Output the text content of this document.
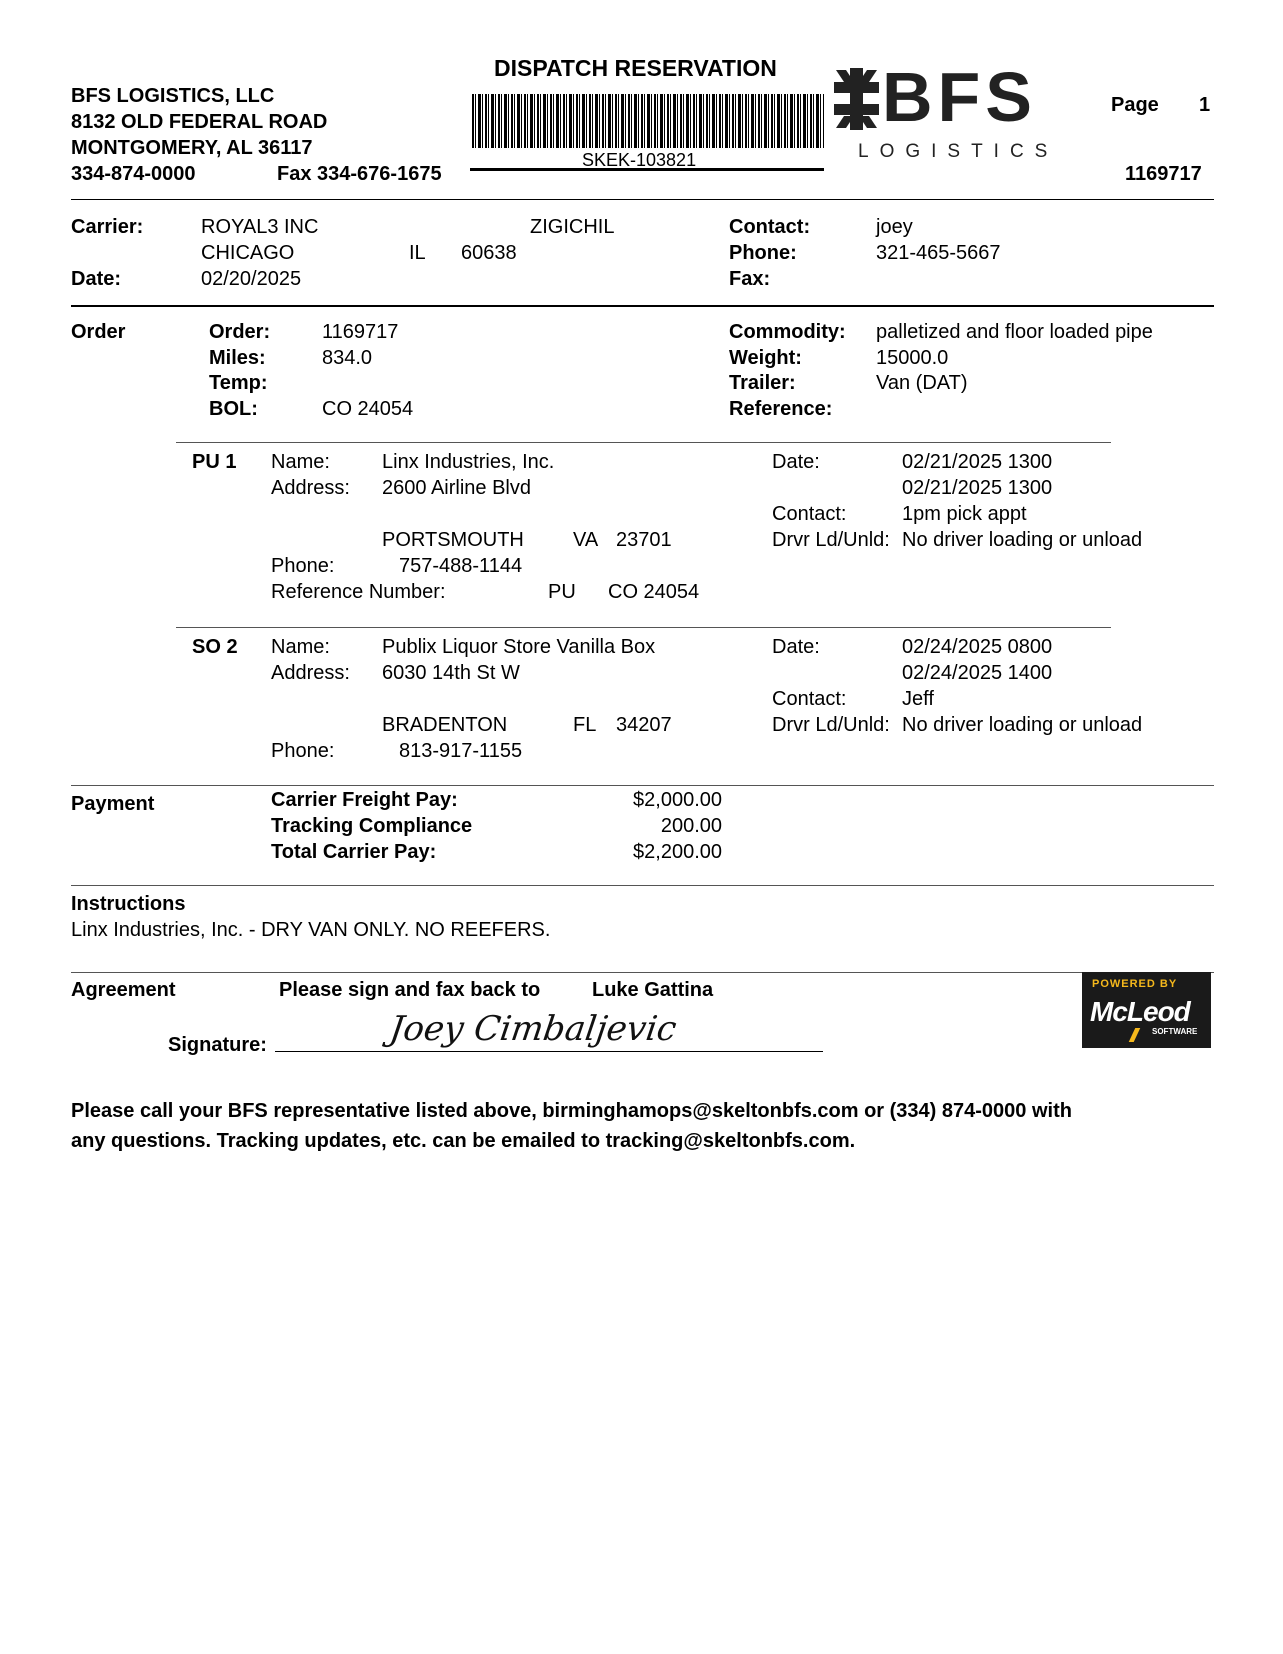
DISPATCH RESERVATION
BFS LOGISTICS, LLC
8132 OLD FEDERAL ROAD
MONTGOMERY, AL 36117
334-874-0000	Fax 334-676-1675
SKEK-103821
BFS
LOGISTICS
Page 1
1169717
Carrier:	ROYAL3 INC	ZIGICHIL
CHICAGO	IL 60638
Date:	02/20/2025
Contact:	joey
Phone:	321-465-5667
Fax:
Order	Order:	1169717
Miles:	834.0
Temp:
BOL:	CO 24054
Commodity: palletized and floor loaded pipe
Weight:	15000.0
Trailer:	Van (DAT)
Reference:
PU 1 Name:	Linx Industries, Inc.
Address: 2600 Airline Blvd
PORTSMOUTH VA 23701
Phone:	757-488-1144
Reference Number:	PU CO 24054
Date:	02/21/2025 1300
02/21/2025 1300
Contact:	1pm pick appt
Drvr Ld/Unld: No driver loading or unload
SO 2 Name:	Publix Liquor Store Vanilla Box
Address: 6030 14th St W
BRADENTON	FL 34207
Phone:	813-917-1155
Date:	02/24/2025 0800
02/24/2025 1400
Contact:	Jeff
Drvr Ld/Unld: No driver loading or unload
Payment	Carrier Freight Pay:	$2,000.00
Tracking Compliance	200.00
Total Carrier Pay:	$2,200.00
Instructions
Linx Industries, Inc. - DRY VAN ONLY. NO REEFERS.
Agreement	Please sign and fax back to	Luke Gattina
Signature:	Joey Cimbaljevic
POWERED BY
McLeod
SOFTWARE
Please call your BFS representative listed above, birminghamops@skeltonbfs.com or (334) 874-0000 with
any questions. Tracking updates, etc. can be emailed to tracking@skeltonbfs.com.
